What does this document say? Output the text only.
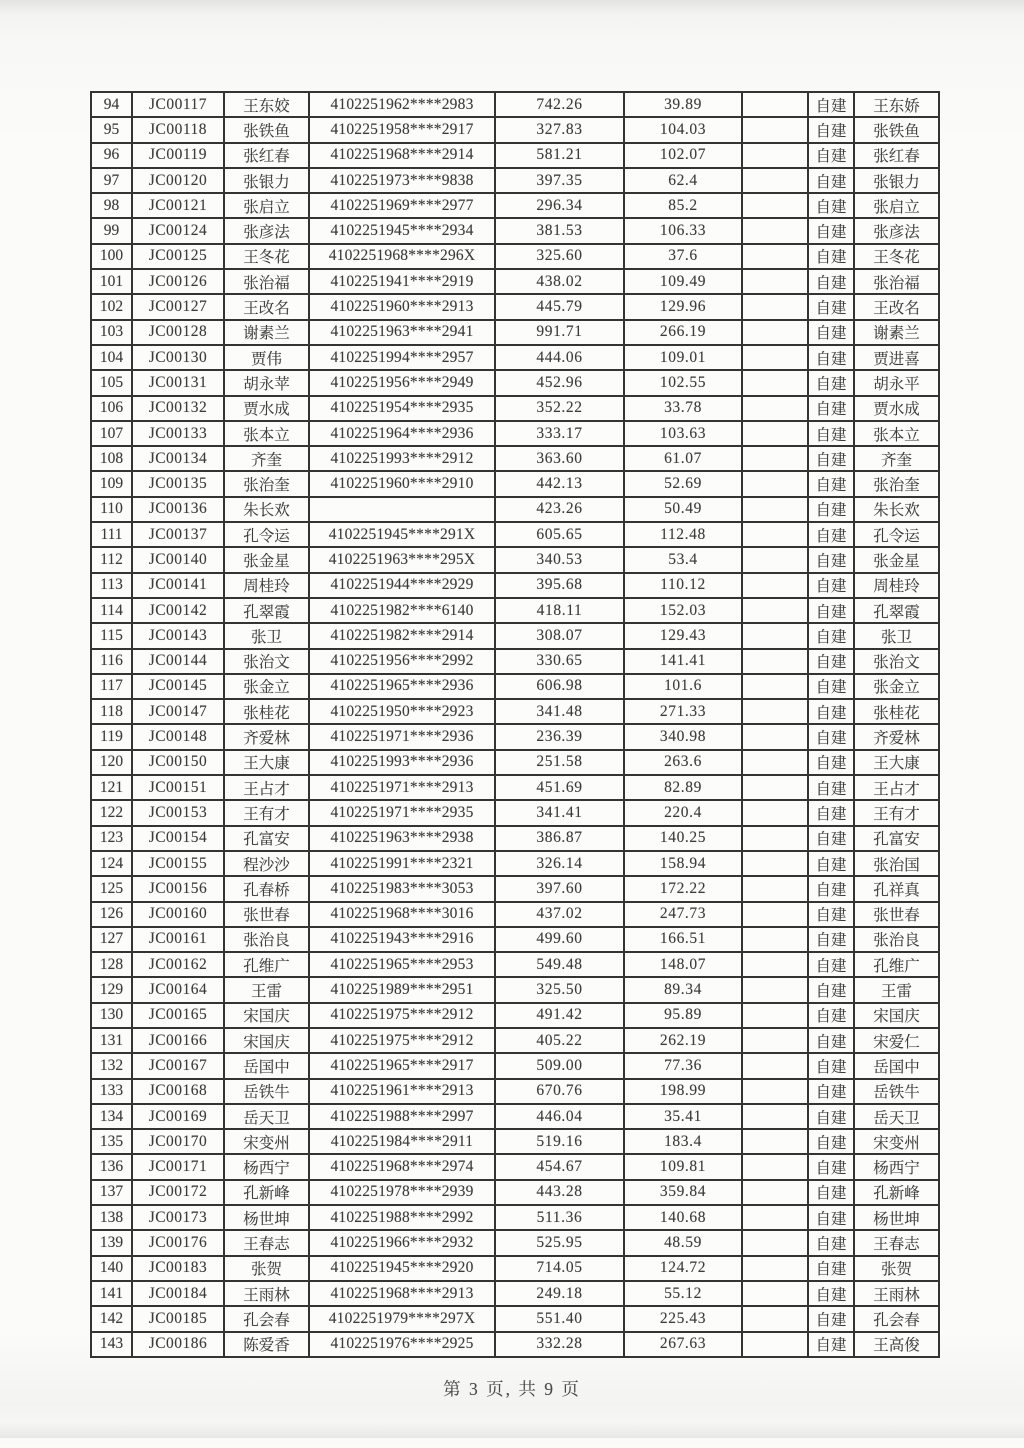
94	JC00117	王东姣	4102251962****2983	742.26	39.89		自建	王东娇
95	JC00118	张铁鱼	4102251958****2917	327.83	104.03		自建	张铁鱼
96	JC00119	张红春	4102251968****2914	581.21	102.07		自建	张红春
97	JC00120	张银力	4102251973****9838	397.35	62.4		自建	张银力
98	JC00121	张启立	4102251969****2977	296.34	85.2		自建	张启立
99	JC00124	张彦法	4102251945****2934	381.53	106.33		自建	张彦法
100	JC00125	王冬花	4102251968****296X	325.60	37.6		自建	王冬花
101	JC00126	张治福	4102251941****2919	438.02	109.49		自建	张治福
102	JC00127	王改名	4102251960****2913	445.79	129.96		自建	王改名
103	JC00128	谢素兰	4102251963****2941	991.71	266.19		自建	谢素兰
104	JC00130	贾伟	4102251994****2957	444.06	109.01		自建	贾进喜
105	JC00131	胡永苹	4102251956****2949	452.96	102.55		自建	胡永平
106	JC00132	贾水成	4102251954****2935	352.22	33.78		自建	贾水成
107	JC00133	张本立	4102251964****2936	333.17	103.63		自建	张本立
108	JC00134	齐奎	4102251993****2912	363.60	61.07		自建	齐奎
109	JC00135	张治奎	4102251960****2910	442.13	52.69		自建	张治奎
110	JC00136	朱长欢		423.26	50.49		自建	朱长欢
111	JC00137	孔令运	4102251945****291X	605.65	112.48		自建	孔令运
112	JC00140	张金星	4102251963****295X	340.53	53.4		自建	张金星
113	JC00141	周桂玲	4102251944****2929	395.68	110.12		自建	周桂玲
114	JC00142	孔翠霞	4102251982****6140	418.11	152.03		自建	孔翠霞
115	JC00143	张卫	4102251982****2914	308.07	129.43		自建	张卫
116	JC00144	张治文	4102251956****2992	330.65	141.41		自建	张治文
117	JC00145	张金立	4102251965****2936	606.98	101.6		自建	张金立
118	JC00147	张桂花	4102251950****2923	341.48	271.33		自建	张桂花
119	JC00148	齐爱林	4102251971****2936	236.39	340.98		自建	齐爱林
120	JC00150	王大康	4102251993****2936	251.58	263.6		自建	王大康
121	JC00151	王占才	4102251971****2913	451.69	82.89		自建	王占才
122	JC00153	王有才	4102251971****2935	341.41	220.4		自建	王有才
123	JC00154	孔富安	4102251963****2938	386.87	140.25		自建	孔富安
124	JC00155	程沙沙	4102251991****2321	326.14	158.94		自建	张治国
125	JC00156	孔春桥	4102251983****3053	397.60	172.22		自建	孔祥真
126	JC00160	张世春	4102251968****3016	437.02	247.73		自建	张世春
127	JC00161	张治良	4102251943****2916	499.60	166.51		自建	张治良
128	JC00162	孔维广	4102251965****2953	549.48	148.07		自建	孔维广
129	JC00164	王雷	4102251989****2951	325.50	89.34		自建	王雷
130	JC00165	宋国庆	4102251975****2912	491.42	95.89		自建	宋国庆
131	JC00166	宋国庆	4102251975****2912	405.22	262.19		自建	宋爱仁
132	JC00167	岳国中	4102251965****2917	509.00	77.36		自建	岳国中
133	JC00168	岳铁牛	4102251961****2913	670.76	198.99		自建	岳铁牛
134	JC00169	岳天卫	4102251988****2997	446.04	35.41		自建	岳天卫
135	JC00170	宋变州	4102251984****2911	519.16	183.4		自建	宋变州
136	JC00171	杨西宁	4102251968****2974	454.67	109.81		自建	杨西宁
137	JC00172	孔新峰	4102251978****2939	443.28	359.84		自建	孔新峰
138	JC00173	杨世坤	4102251988****2992	511.36	140.68		自建	杨世坤
139	JC00176	王春志	4102251966****2932	525.95	48.59		自建	王春志
140	JC00183	张贺	4102251945****2920	714.05	124.72		自建	张贺
141	JC00184	王雨林	4102251968****2913	249.18	55.12		自建	王雨林
142	JC00185	孔会春	4102251979****297X	551.40	225.43		自建	孔会春
143	JC00186	陈爱香	4102251976****2925	332.28	267.63		自建	王高俊
第 3 页, 共 9 页
